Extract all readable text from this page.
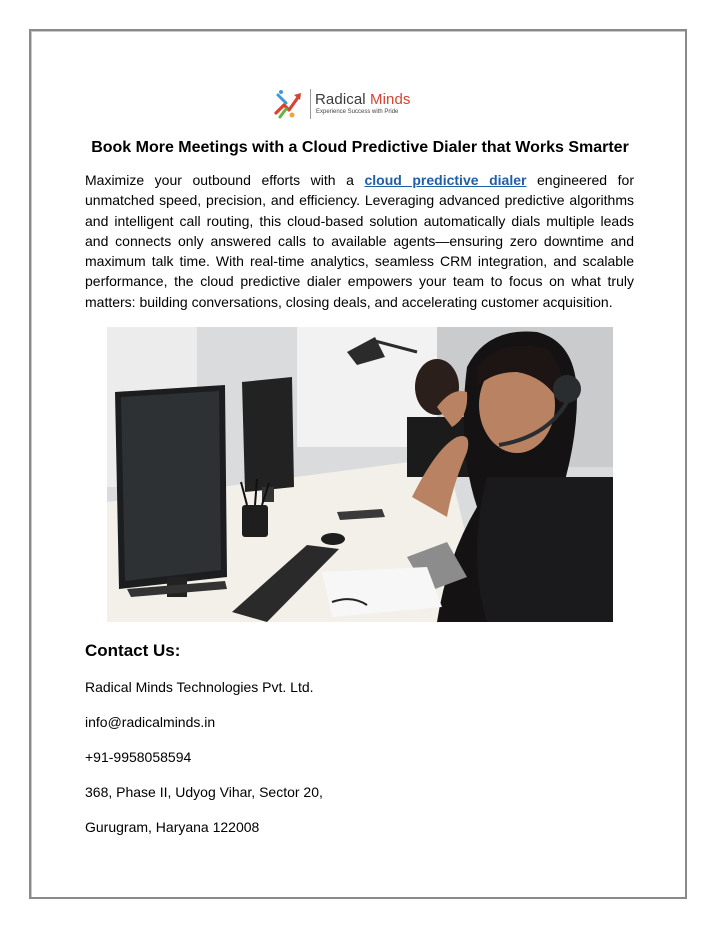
Radical Minds
Experience Success with Pride
Book More Meetings with a Cloud Predictive Dialer that Works Smarter

Maximize your outbound efforts with a cloud predictive dialer engineered for unmatched speed, precision, and efficiency. Leveraging advanced predictive algorithms and intelligent call routing, this cloud-based solution automatically dials multiple leads and connects only answered calls to available agents—ensuring zero downtime and maximum talk time. With real-time analytics, seamless CRM integration, and scalable performance, the cloud predictive dialer empowers your team to focus on what truly matters: building conversations, closing deals, and accelerating customer acquisition.

Contact Us:

Radical Minds Technologies Pvt. Ltd.

info@radicalminds.in

+91-9958058594

368, Phase II, Udyog Vihar, Sector 20,

Gurugram, Haryana 122008
